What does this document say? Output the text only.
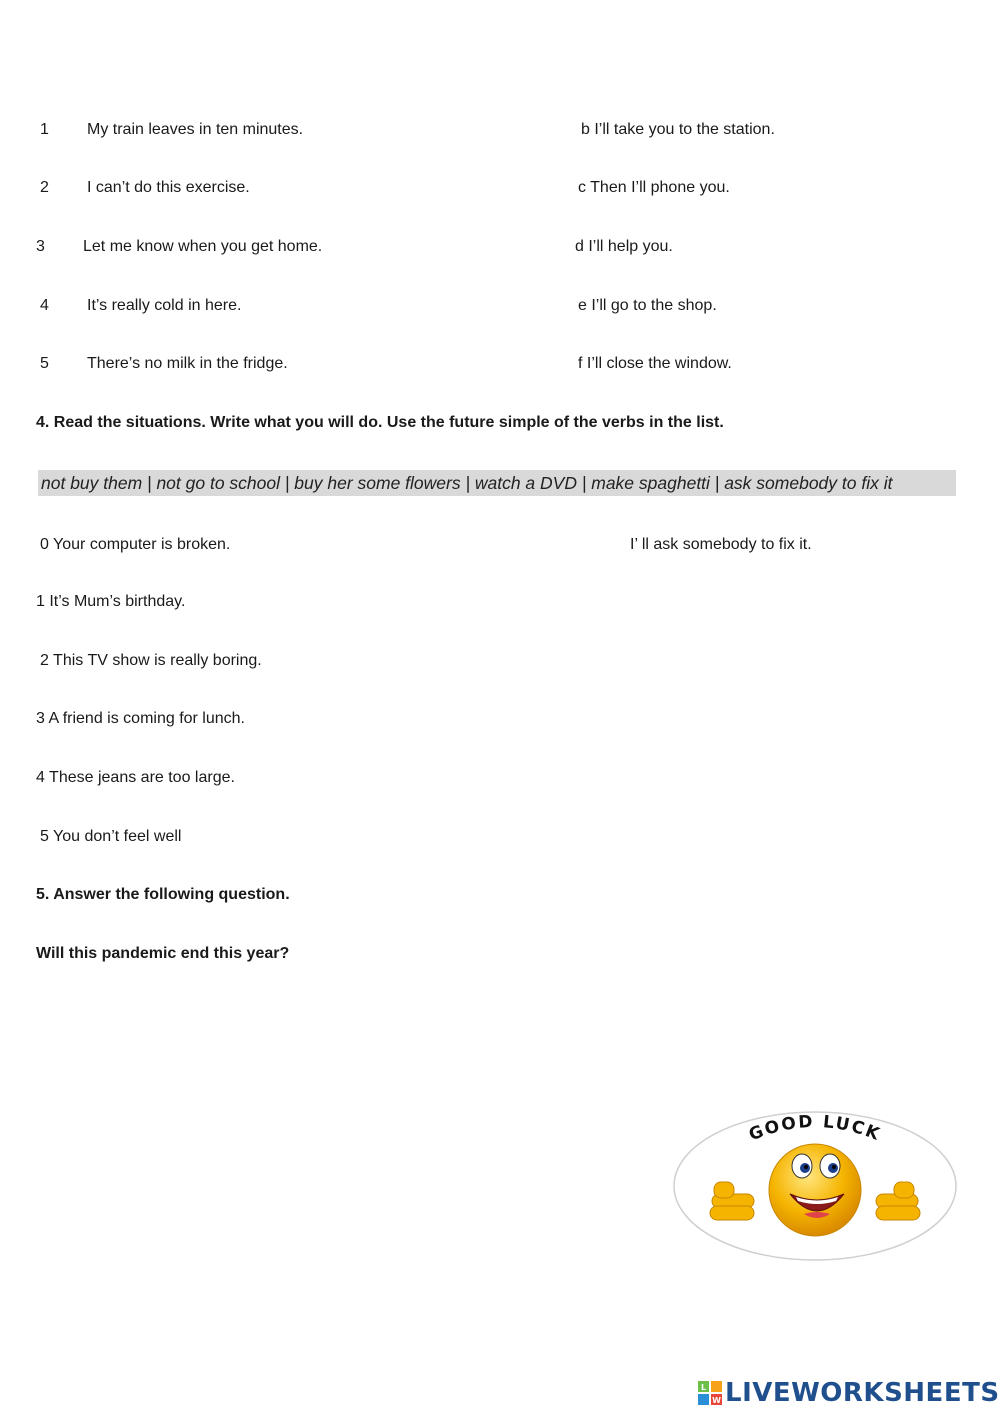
1	My train leaves in ten minutes.	b I’ll take you to the station.
2	I can’t do this exercise.	c Then I’ll phone you.
3	Let me know when you get home.	d I’ll help you.
4	It’s really cold in here.	e I’ll go to the shop.
5	There’s no milk in the fridge.	f I’ll close the window.
4. Read the situations. Write what you will do. Use the future simple of the verbs in the list.
not buy them | not go to school | buy her some flowers | watch a DVD | make spaghetti | ask somebody to fix it
0 Your computer is broken.	I’ ll ask somebody to fix it.
1 It’s Mum’s birthday.
2 This TV show is really boring.
3 A friend is coming for lunch.
4 These jeans are too large.
5 You don’t feel well
5. Answer the following question.
Will this pandemic end this year?
GOOD LUCK
L
W LIVEWORKSHEETS
